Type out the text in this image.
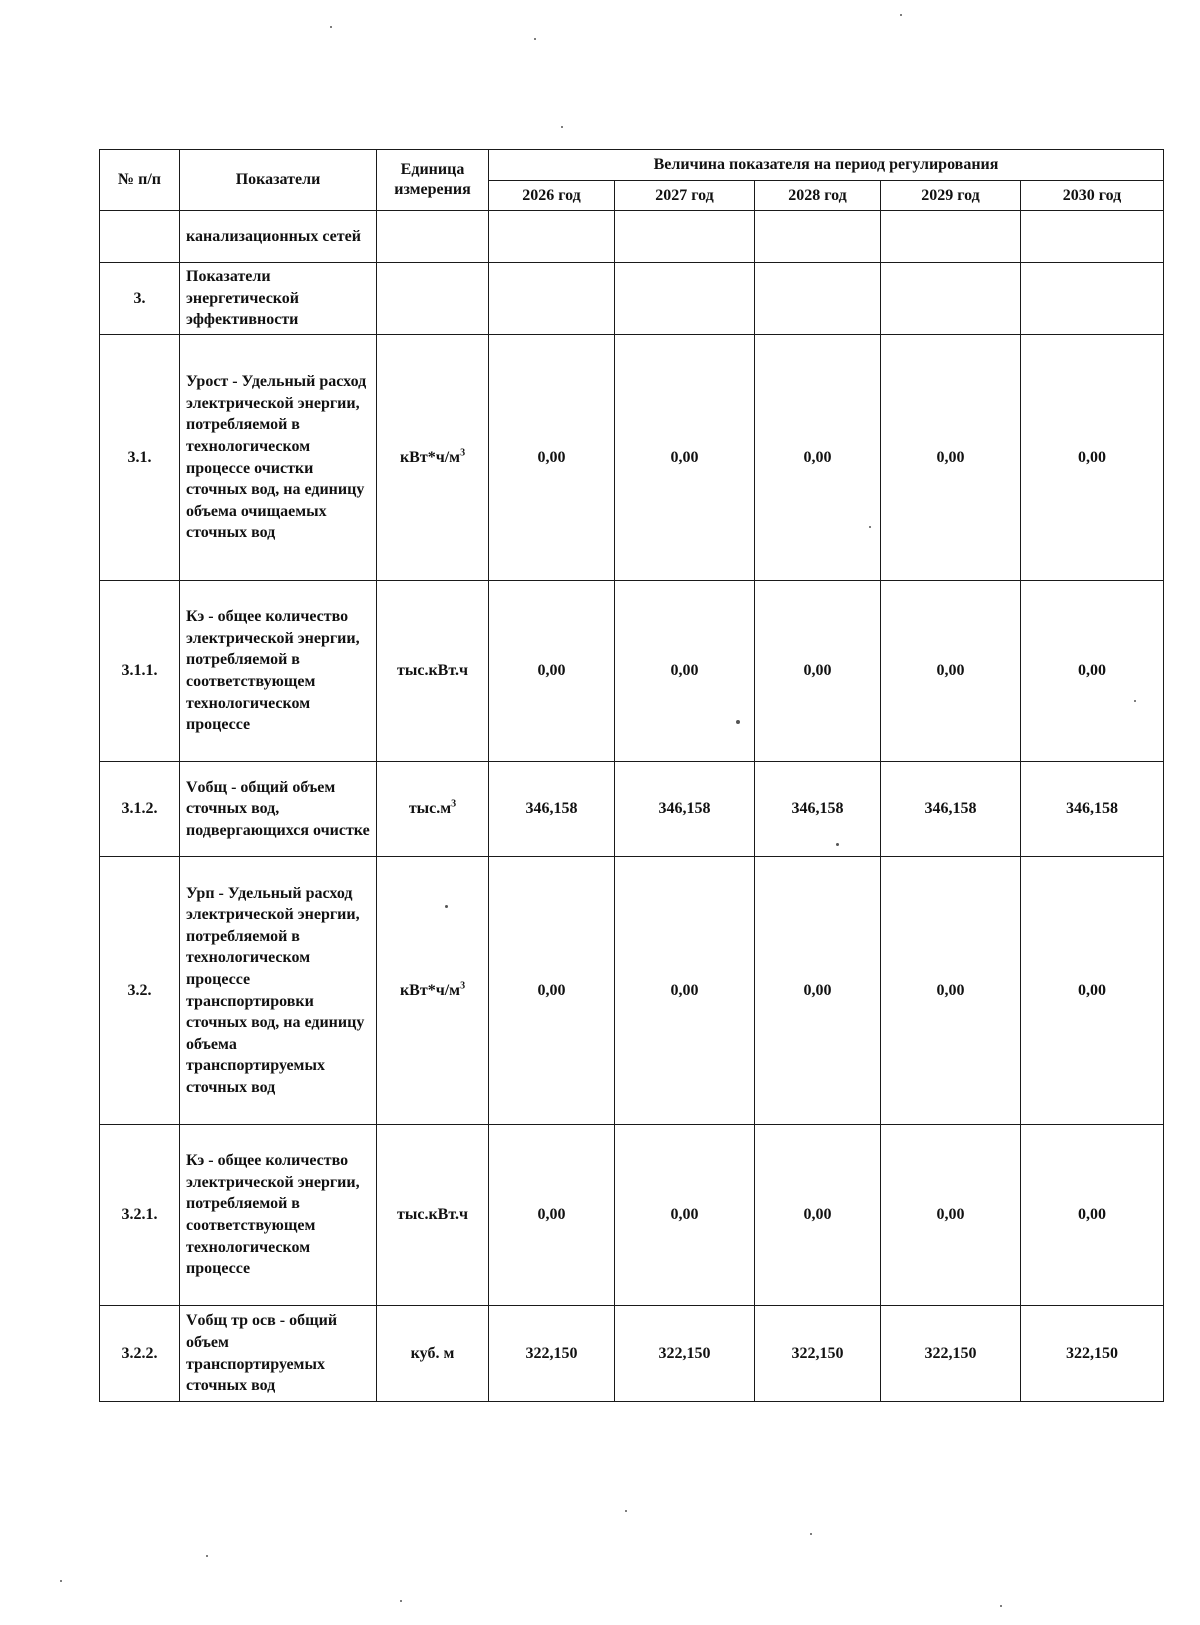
№ п/п	Показатели	Единица измерения	Величина показателя на период регулирования				
			2026 год	2027 год	2028 год	2029 год	2030 год
	канализационных сетей						
3.	Показатели энергетической эффективности						
3.1.	Урост - Удельный расход электрической энергии, потребляемой в технологическом процессе очистки сточных вод, на единицу объема очищаемых сточных вод	$кВт*ч/м^3$	0,00	0,00	0,00	0,00	0,00
3.1.1.	Кэ - общее количество электрической энергии, потребляемой в соответствующем технологическом процессе	тыс.кВт.ч	0,00	0,00	0,00	0,00	0,00
3.1.2.	Vобщ - общий объем сточных вод, подвергающихся очистке	$тыс.м^3$	346,158	346,158	346,158	346,158	346,158
3.2.	Урп - Удельный расход электрической энергии, потребляемой в технологическом процессе транспортировки сточных вод, на единицу объема транспортируемых сточных вод	$кВт*ч/м^3$	0,00	0,00	0,00	0,00	0,00
3.2.1.	Кэ - общее количество электрической энергии, потребляемой в соответствующем технологическом процессе	тыс.кВт.ч	0,00	0,00	0,00	0,00	0,00
3.2.2.	Vобщ тр осв - общий объем транспортируемых сточных вод	куб. м	322,150	322,150	322,150	322,150	322,150
